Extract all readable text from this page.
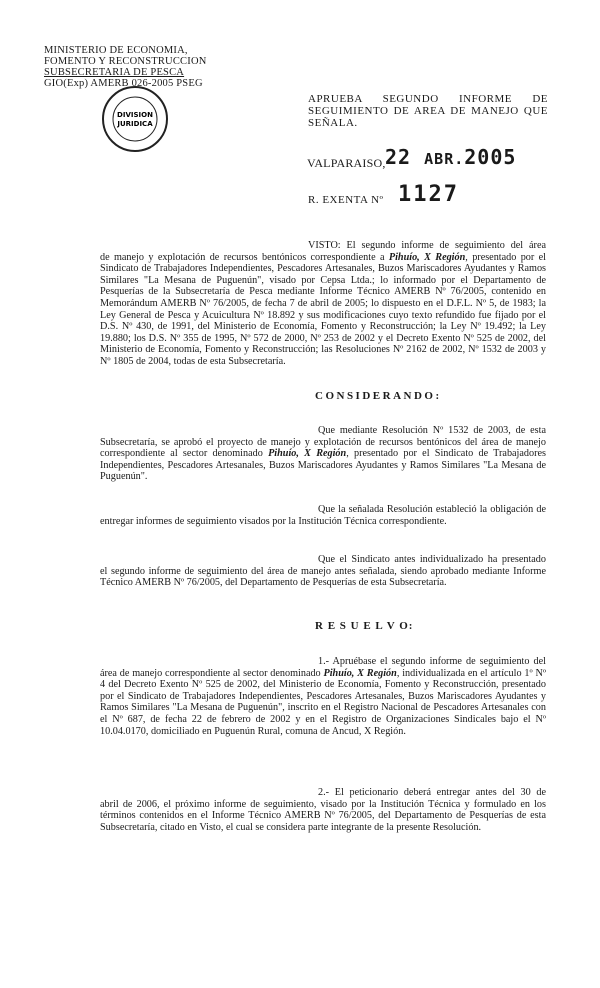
MINISTERIO DE ECONOMIA,
FOMENTO Y RECONSTRUCCION
SUBSECRETARIA DE PESCA
GIO(Exp) AMERB 026-2005 PSEG
DIVISION
JURIDICA
APRUEBA SEGUNDO INFORME DE SEGUIMIENTO DE AREA DE MANEJO QUE SEÑALA.
VALPARAISO, 22 ABR.2005
R. EXENTA Nº 1127

VISTO: El segundo informe de seguimiento del área
de manejo y explotación de recursos bentónicos correspondiente a Pihuío, X Región, presentado por el Sindicato de Trabajadores Independientes, Pescadores Artesanales, Buzos Mariscadores Ayudantes y Ramos Similares "La Mesana de Puguenún", visado por Cepsa Ltda.; lo informado por el Departamento de Pesquerías de la Subsecretaría de Pesca mediante Informe Técnico AMERB Nº 76/2005, contenido en Memorándum AMERB Nº 76/2005, de fecha 7 de abril de 2005; lo dispuesto en el D.F.L. Nº 5, de 1983; la Ley General de Pesca y Acuicultura Nº 18.892 y sus modificaciones cuyo texto refundido fue fijado por el D.S. Nº 430, de 1991, del Ministerio de Economía, Fomento y Reconstrucción; la Ley Nº 19.492; la Ley 19.880; los D.S. Nº 355 de 1995, Nº 572 de 2000, Nº 253 de 2002 y el Decreto Exento Nº 525 de 2002, del Ministerio de Economía, Fomento y Reconstrucción; las Resoluciones Nº 2162 de 2002, Nº 1532 de 2003 y Nº 1805 de 2004, todas de esta Subsecretaría.

CONSIDERANDO:

Que mediante Resolución Nº 1532 de 2003, de esta
Subsecretaría, se aprobó el proyecto de manejo y explotación de recursos bentónicos del área de manejo correspondiente al sector denominado Pihuío, X Región, presentado por el Sindicato de Trabajadores Independientes, Pescadores Artesanales, Buzos Mariscadores Ayudantes y Ramos Similares "La Mesana de Puguenún".

Que la señalada Resolución estableció la obligación de
entregar informes de seguimiento visados por la Institución Técnica correspondiente.

Que el Sindicato antes individualizado ha presentado
el segundo informe de seguimiento del área de manejo antes señalada, siendo aprobado mediante Informe Técnico AMERB Nº 76/2005, del Departamento de Pesquerías de esta Subsecretaría.

R E S U E L V O:

1.- Apruébase el segundo informe de seguimiento del
área de manejo correspondiente al sector denominado Pihuío, X Región, individualizada en el artículo 1º Nº 4 del Decreto Exento Nº 525 de 2002, del Ministerio de Economía, Fomento y Reconstrucción, presentado por el Sindicato de Trabajadores Independientes, Pescadores Artesanales, Buzos Mariscadores Ayudantes y Ramos Similares "La Mesana de Puguenún", inscrito en el Registro Nacional de Pescadores Artesanales con el Nº 687, de fecha 22 de febrero de 2002 y en el Registro de Organizaciones Sindicales bajo el Nº 10.04.0170, domiciliado en Puguenún Rural, comuna de Ancud, X Región.

2.- El peticionario deberá entregar antes del 30 de
abril de 2006, el próximo informe de seguimiento, visado por la Institución Técnica y formulado en los términos contenidos en el Informe Técnico AMERB Nº 76/2005, del Departamento de Pesquerías de esta Subsecretaría, citado en Visto, el cual se considera parte integrante de la presente Resolución.
